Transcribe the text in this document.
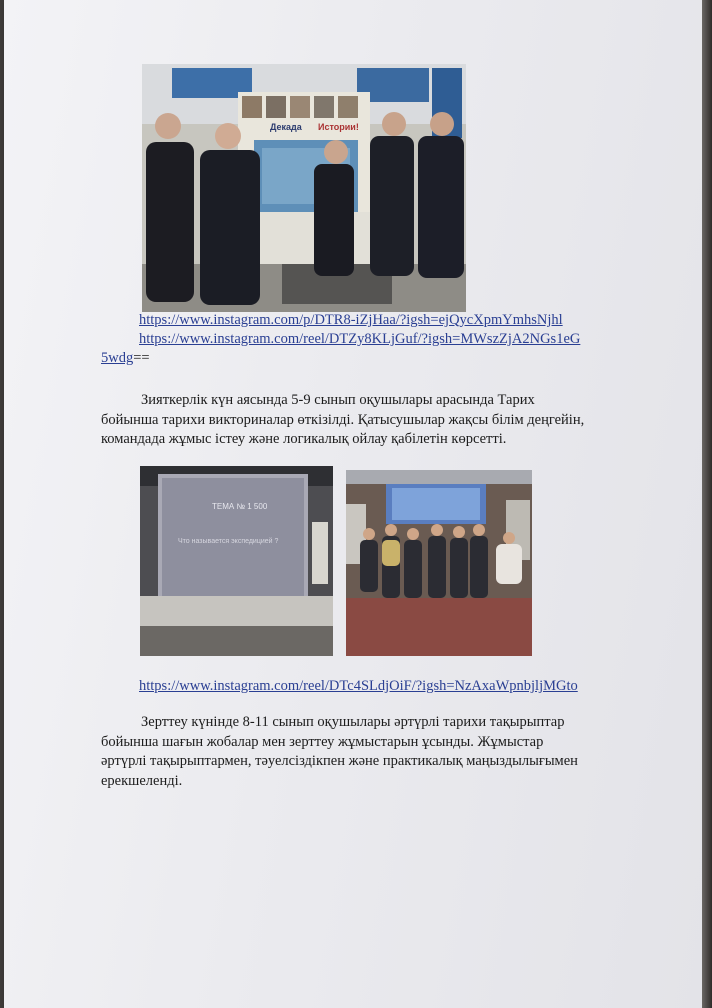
Декада Истории!
https://www.instagram.com/p/DTR8-iZjHaa/?igsh=ejQycXpmYmhsNjhl
https://www.instagram.com/reel/DTZy8KLjGuf/?igsh=MWszZjA2NGs1eG
5wdg==
Зияткерлік күн аясында 5-9 сынып оқушылары арасында Тарих
бойынша тарихи викториналар өткізілді. Қатысушылар жақсы білім деңгейін,
командада жұмыс істеу және логикалық ойлау қабілетін көрсетті.
ТЕМА № 1 500
Что называется экспедицией ?
https://www.instagram.com/reel/DTc4SLdjOiF/?igsh=NzAxaWpnbjljMGto
Зерттеу күнінде 8-11 сынып оқушылары әртүрлі тарихи тақырыптар
бойынша шағын жобалар мен зерттеу жұмыстарын ұсынды. Жұмыстар
әртүрлі тақырыптармен, тәуелсіздікпен және практикалық маңыздылығымен
ерекшеленді.
